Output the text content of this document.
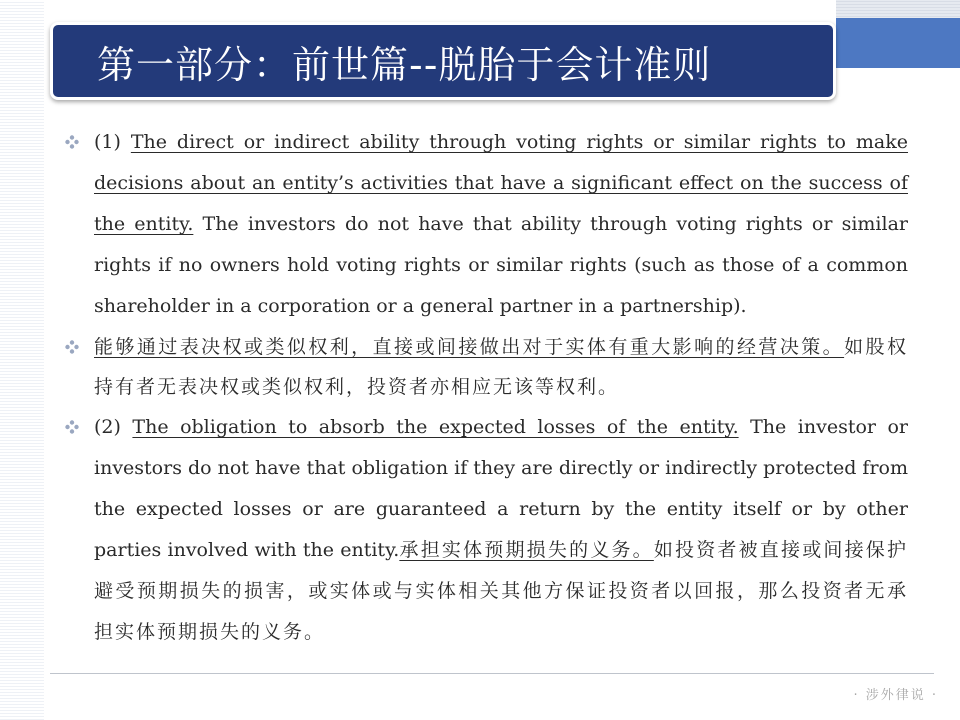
第一部分：前世篇--脱胎于会计准则

(1) The direct or indirect ability through voting rights or similar rights to make decisions about an entity’s activities that have a significant effect on the success of the entity. The investors do not have that ability through voting rights or similar rights if no owners hold voting rights or similar rights (such as those of a common shareholder in a corporation or a general partner in a partnership).

能够通过表决权或类似权利，直接或间接做出对于实体有重大影响的经营决策。如股权持有者无表决权或类似权利，投资者亦相应无该等权利。

(2) The obligation to absorb the expected losses of the entity. The investor or investors do not have that obligation if they are directly or indirectly protected from the expected losses or are guaranteed a return by the entity itself or by other parties involved with the entity.承担实体预期损失的义务。如投资者被直接或间接保护避受预期损失的损害，或实体或与实体相关其他方保证投资者以回报，那么投资者无承担实体预期损失的义务。

· 涉外律说 ·
